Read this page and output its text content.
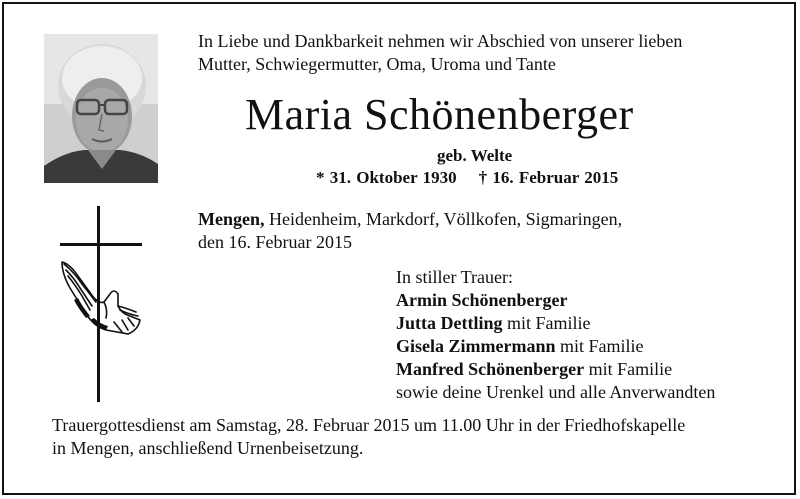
In Liebe und Dankbarkeit nehmen wir Abschied von unserer lieben
Mutter, Schwiegermutter, Oma, Uroma und Tante
Maria Schönenberger
geb. Welte
* 31. Oktober 1930 † 16. Februar 2015
Mengen, Heidenheim, Markdorf, Völlkofen, Sigmaringen,
den 16. Februar 2015
In stiller Trauer:
Armin Schönenberger
Jutta Dettling mit Familie
Gisela Zimmermann mit Familie
Manfred Schönenberger mit Familie
sowie deine Urenkel und alle Anverwandten
Trauergottesdienst am Samstag, 28. Februar 2015 um 11.00 Uhr in der Friedhofskapelle
in Mengen, anschließend Urnenbeisetzung.
